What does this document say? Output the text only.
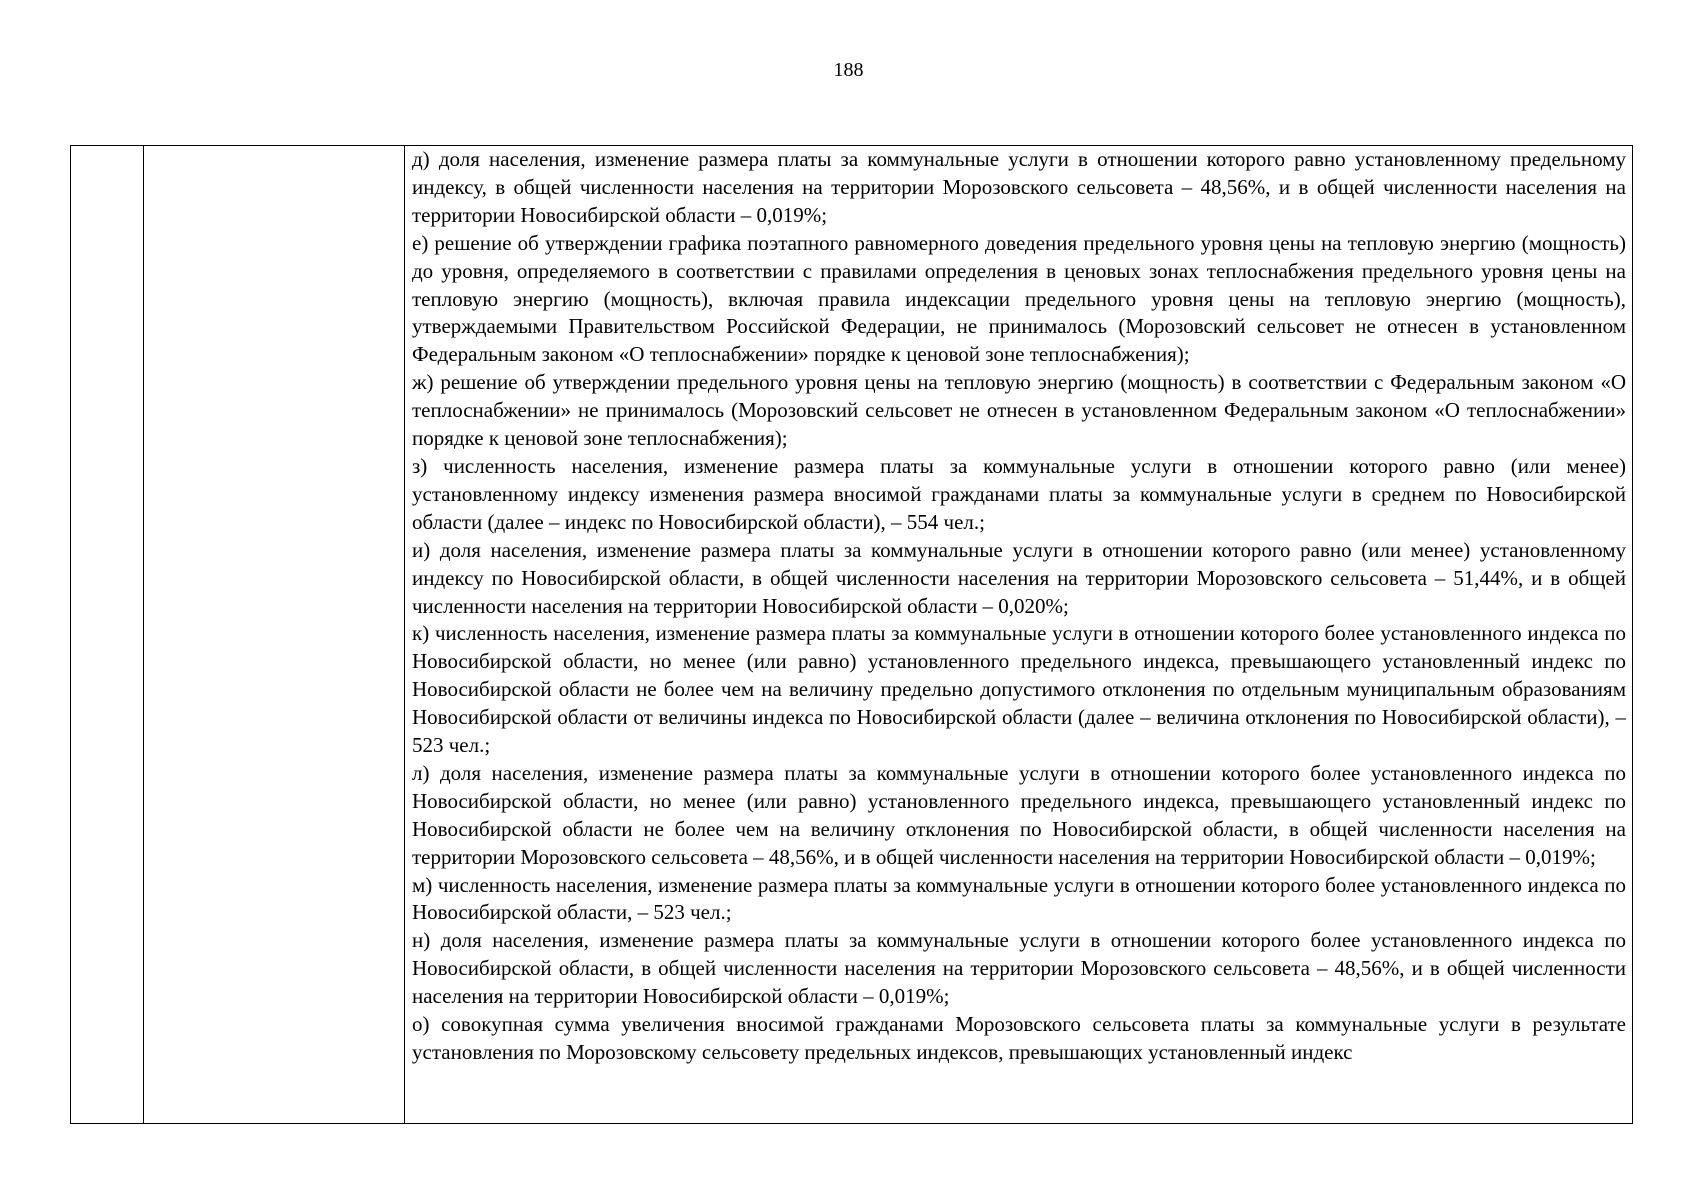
188

д) доля населения, изменение размера платы за коммунальные услуги в отношении которого равно установленному предельному индексу, в общей численности населения на территории Морозовского сельсовета – 48,56%, и в общей численности населения на территории Новосибирской области – 0,019%;

е) решение об утверждении графика поэтапного равномерного доведения предельного уровня цены на тепловую энергию (мощность) до уровня, определяемого в соответствии с правилами определения в ценовых зонах теплоснабжения предельного уровня цены на тепловую энергию (мощность), включая правила индексации предельного уровня цены на тепловую энергию (мощность), утверждаемыми Правительством Российской Федерации, не принималось (Морозовский сельсовет не отнесен в установленном Федеральным законом «О теплоснабжении» порядке к ценовой зоне теплоснабжения);

ж) решение об утверждении предельного уровня цены на тепловую энергию (мощность) в соответствии с Федеральным законом «О теплоснабжении» не принималось (Морозовский сельсовет не отнесен в установленном Федеральным законом «О теплоснабжении» порядке к ценовой зоне теплоснабжения);

з) численность населения, изменение размера платы за коммунальные услуги в отношении которого равно (или менее) установленному индексу изменения размера вносимой гражданами платы за коммунальные услуги в среднем по Новосибирской области (далее – индекс по Новосибирской области), – 554 чел.;

и) доля населения, изменение размера платы за коммунальные услуги в отношении которого равно (или менее) установленному индексу по Новосибирской области, в общей численности населения на территории Морозовского сельсовета – 51,44%, и в общей численности населения на территории Новосибирской области – 0,020%;

к) численность населения, изменение размера платы за коммунальные услуги в отношении которого более установленного индекса по Новосибирской области, но менее (или равно) установленного предельного индекса, превышающего установленный индекс по Новосибирской области не более чем на величину предельно допустимого отклонения по отдельным муниципальным образованиям Новосибирской области от величины индекса по Новосибирской области (далее – величина отклонения по Новосибирской области), – 523 чел.;

л) доля населения, изменение размера платы за коммунальные услуги в отношении которого более установленного индекса по Новосибирской области, но менее (или равно) установленного предельного индекса, превышающего установленный индекс по Новосибирской области не более чем на величину отклонения по Новосибирской области, в общей численности населения на территории Морозовского сельсовета – 48,56%, и в общей численности населения на территории Новосибирской области – 0,019%;

м) численность населения, изменение размера платы за коммунальные услуги в отношении которого более установленного индекса по Новосибирской области, – 523 чел.;

н) доля населения, изменение размера платы за коммунальные услуги в отношении которого более установленного индекса по Новосибирской области, в общей численности населения на территории Морозовского сельсовета – 48,56%, и в общей численности населения на территории Новосибирской области – 0,019%;

о) совокупная сумма увеличения вносимой гражданами Морозовского сельсовета платы за коммунальные услуги в результате установления по Морозовскому сельсовету предельных индексов, превышающих установленный индекс
